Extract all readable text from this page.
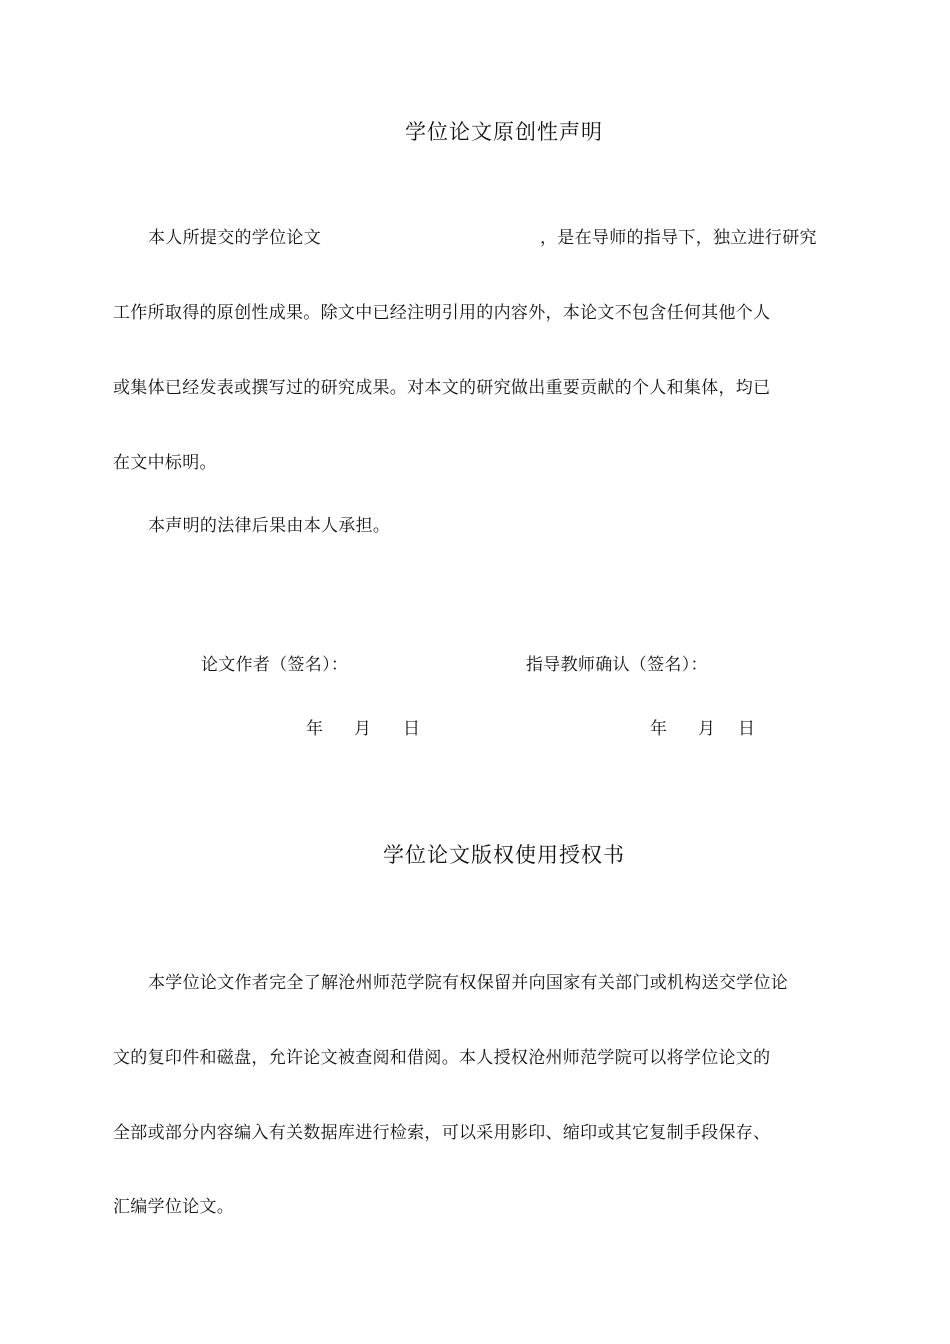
学位论文原创性声明
本人所提交的学位论文	，是在导师的指导下，独立进行研究
工作所取得的原创性成果。除文中已经注明引用的内容外，本论文不包含任何其他个人
或集体已经发表或撰写过的研究成果。对本文的研究做出重要贡献的个人和集体，均已
在文中标明。
本声明的法律后果由本人承担。
论文作者（签名）：	指导教师确认（签名）：
年 月 日	年 月 日
学位论文版权使用授权书
本学位论文作者完全了解沧州师范学院有权保留并向国家有关部门或机构送交学位论
文的复印件和磁盘，允许论文被查阅和借阅。本人授权沧州师范学院可以将学位论文的
全部或部分内容编入有关数据库进行检索，可以采用影印、缩印或其它复制手段保存、
汇编学位论文。
